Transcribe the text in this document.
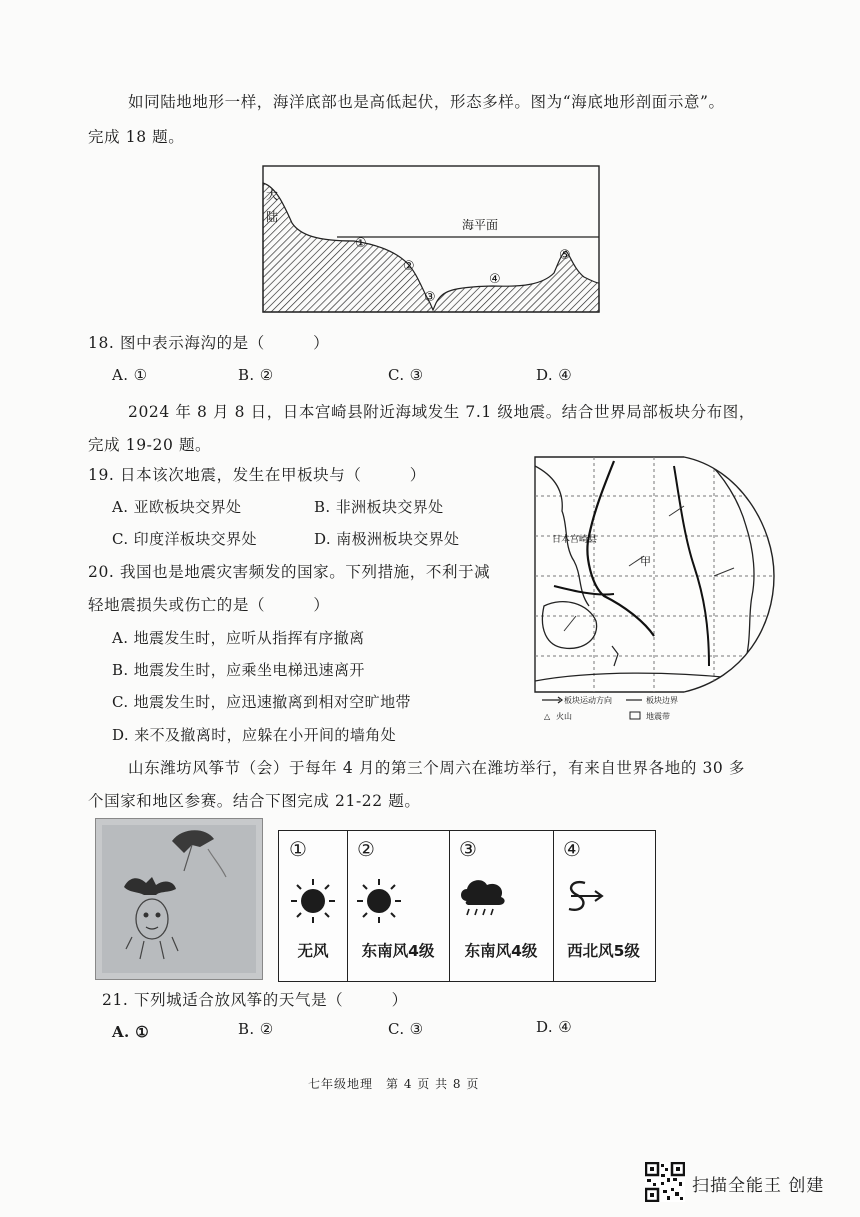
如同陆地地形一样，海洋底部也是高低起伏，形态多样。图为“海底地形剖面示意”。
完成 18 题。
大
陆
海平面
①
②
③
④
⑤
18. 图中表示海沟的是（　　　）
A. ①	B. ②	C. ③	D. ④
2024 年 8 月 8 日，日本宫崎县附近海域发生 7.1 级地震。结合世界局部板块分布图，
完成 19-20 题。
19. 日本该次地震，发生在甲板块与（　　　）
A. 亚欧板块交界处	B. 非洲板块交界处
C. 印度洋板块交界处	D. 南极洲板块交界处
20. 我国也是地震灾害频发的国家。下列措施，不利于减
轻地震损失或伤亡的是（　　　）
A. 地震发生时，应听从指挥有序撤离
B. 地震发生时，应乘坐电梯迅速离开
C. 地震发生时，应迅速撤离到相对空旷地带
D. 来不及撤离时，应躲在小开间的墙角处
日本宫崎县
甲
板块运动方向	板块边界
△ 火山	地震带
山东潍坊风筝节（会）于每年 4 月的第三个周六在潍坊举行，有来自世界各地的 30 多
个国家和地区参赛。结合下图完成 21-22 题。
①
无风
②
东南风4级
③
东南风4级
④
西北风5级
21. 下列城适合放风筝的天气是（　　　）
A. ①	B. ②	C. ③	D. ④
七年级地理　第 4 页 共 8 页
扫描全能王 创建
